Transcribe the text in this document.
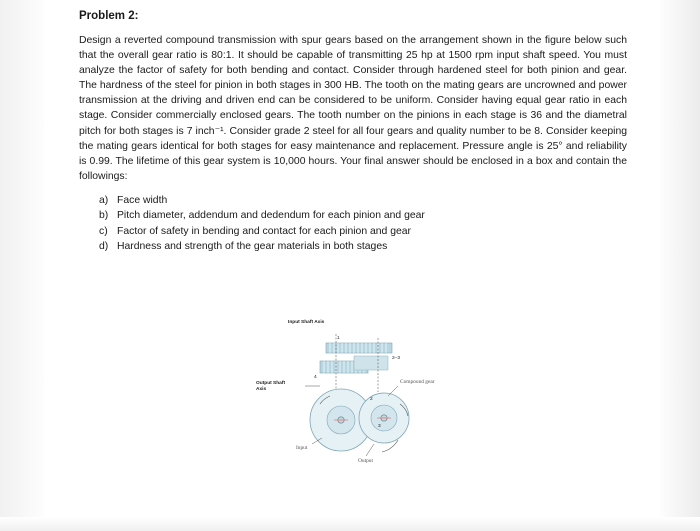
Problem 2:

Design a reverted compound transmission with spur gears based on the arrangement shown in the figure below such that the overall gear ratio is 80:1. It should be capable of transmitting 25 hp at 1500 rpm input shaft speed. You must analyze the factor of safety for both bending and contact. Consider through hardened steel for both pinion and gear. The hardness of the steel for pinion in both stages in 300 HB. The tooth on the mating gears are uncrowned and power transmission at the driving and driven end can be considered to be uniform. Consider having equal gear ratio in each stage. Consider commercially enclosed gears. The tooth number on the pinions in each stage is 36 and the diametral pitch for both stages is 7 inch⁻¹. Consider grade 2 steel for all four gears and quality number to be 8. Consider keeping the mating gears identical for both stages for easy maintenance and replacement. Pressure angle is 25° and reliability is 0.99. The lifetime of this gear system is 10,000 hours. Your final answer should be enclosed in a box and contain the followings:

a) Face width
b) Pitch diameter, addendum and dedendum for each pinion and gear
c) Factor of safety in bending and contact for each pinion and gear
d) Hardness and strength of the gear materials in both stages
Input Shaft Axis
Output Shaft Axis
Compound gear
Input
Output
1
2
3
4
2–3
